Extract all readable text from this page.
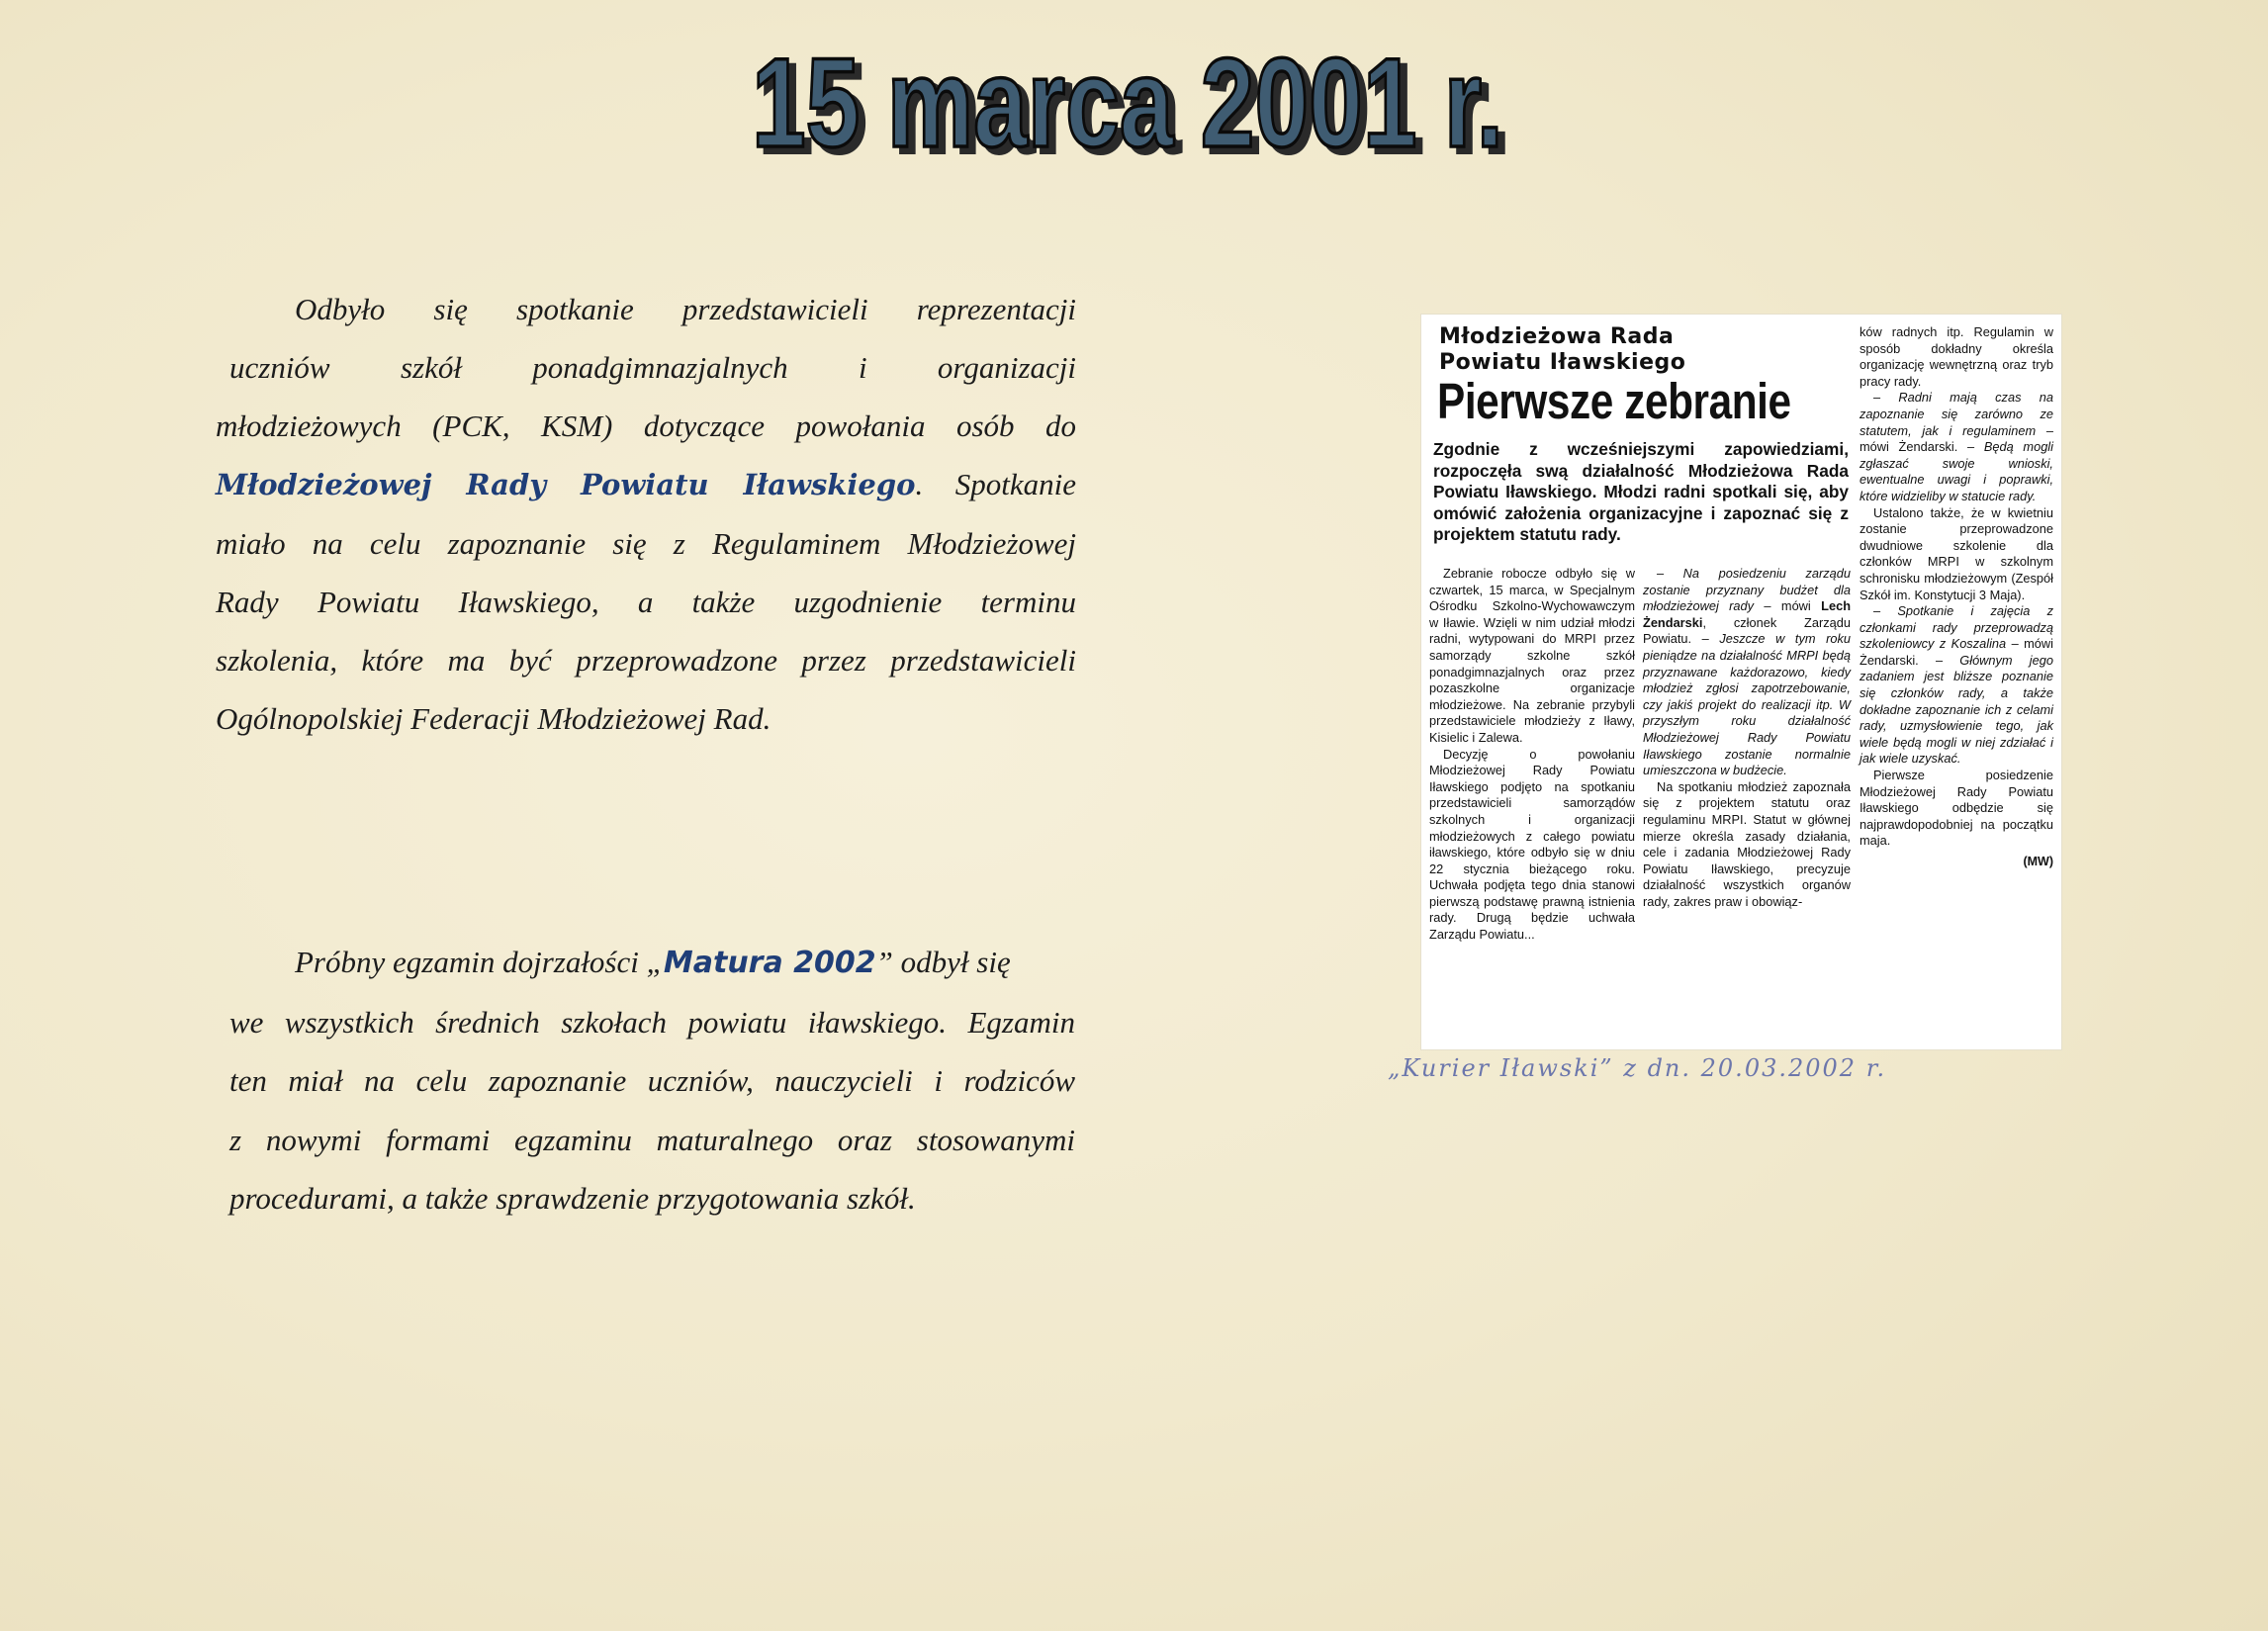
15 marca 2001 r.
15 marca 2001 r.
Odbyło się spotkanie przedstawicieli reprezentacji
uczniów szkół ponadgimnazjalnych i organizacji
młodzieżowych (PCK, KSM) dotyczące powołania osób do
Młodzieżowej Rady Powiatu Iławskiego. Spotkanie
miało na celu zapoznanie się z Regulaminem Młodzieżowej
Rady Powiatu Iławskiego, a także uzgodnienie terminu
szkolenia, które ma być przeprowadzone przez przedstawicieli
Ogólnopolskiej Federacji Młodzieżowej Rad.
Próbny egzamin dojrzałości „Matura 2002” odbył się
we wszystkich średnich szkołach powiatu iławskiego. Egzamin
ten miał na celu zapoznanie uczniów, nauczycieli i rodziców
z nowymi formami egzaminu maturalnego oraz stosowanymi
procedurami, a także sprawdzenie przygotowania szkół.
Młodzieżowa Rada
Powiatu Iławskiego
Pierwsze zebranie
Zgodnie z wcześniejszymi zapowiedziami, rozpoczęła swą działalność Młodzieżowa Rada Powiatu Iławskiego. Młodzi radni spotkali się, aby omówić założenia organizacyjne i zapoznać się z projektem statutu rady.

Zebranie robocze odbyło się w czwartek, 15 marca, w Specjalnym Ośrodku Szkolno-Wychowawczym w Iławie. Wzięli w nim udział młodzi radni, wytypowani do MRPI przez samorządy szkolne szkół ponadgimnazjalnych oraz przez pozaszkolne organizacje młodzieżowe. Na zebranie przybyli przedstawiciele młodzieży z Iławy, Kisielic i Zalewa.

Decyzję o powołaniu Młodzieżowej Rady Powiatu Iławskiego podjęto na spotkaniu przedstawicieli samorządów szkolnych i organizacji młodzieżowych z całego powiatu iławskiego, które odbyło się w dniu 22 stycznia bieżącego roku. Uchwała podjęta tego dnia stanowi pierwszą podstawę prawną istnienia rady. Drugą będzie uchwała Zarządu Powiatu...

– Na posiedzeniu zarządu zostanie przyznany budżet dla młodzieżowej rady – mówi Lech Żendarski, członek Zarządu Powiatu. – Jeszcze w tym roku pieniądze na działalność MRPI będą przyznawane każdorazowo, kiedy młodzież zgłosi zapotrzebowanie, czy jakiś projekt do realizacji itp. W przyszłym roku działalność Młodzieżowej Rady Powiatu Iławskiego zostanie normalnie umieszczona w budżecie.

Na spotkaniu młodzież zapoznała się z projektem statutu oraz regulaminu MRPI. Statut w głównej mierze określa zasady działania, cele i zadania Młodzieżowej Rady Powiatu Iławskiego, precyzuje działalność wszystkich organów rady, zakres praw i obowiąz-

ków radnych itp. Regulamin w sposób dokładny określa organizację wewnętrzną oraz tryb pracy rady.

– Radni mają czas na zapoznanie się zarówno ze statutem, jak i regulaminem – mówi Żendarski. – Będą mogli zgłaszać swoje wnioski, ewentualne uwagi i poprawki, które widzieliby w statucie rady.

Ustalono także, że w kwietniu zostanie przeprowadzone dwudniowe szkolenie dla członków MRPI w szkolnym schronisku młodzieżowym (Zespół Szkół im. Konstytucji 3 Maja).

– Spotkanie i zajęcia z członkami rady przeprowadzą szkoleniowcy z Koszalina – mówi Żendarski. – Głównym jego zadaniem jest bliższe poznanie się członków rady, a także dokładne zapoznanie ich z celami rady, uzmysłowienie tego, jak wiele będą mogli w niej zdziałać i jak wiele uzyskać.

Pierwsze posiedzenie Młodzieżowej Rady Powiatu Iławskiego odbędzie się najprawdopodobniej na początku maja.

(MW)
„Kurier Iławski” z dn. 20.03.2002 r.
